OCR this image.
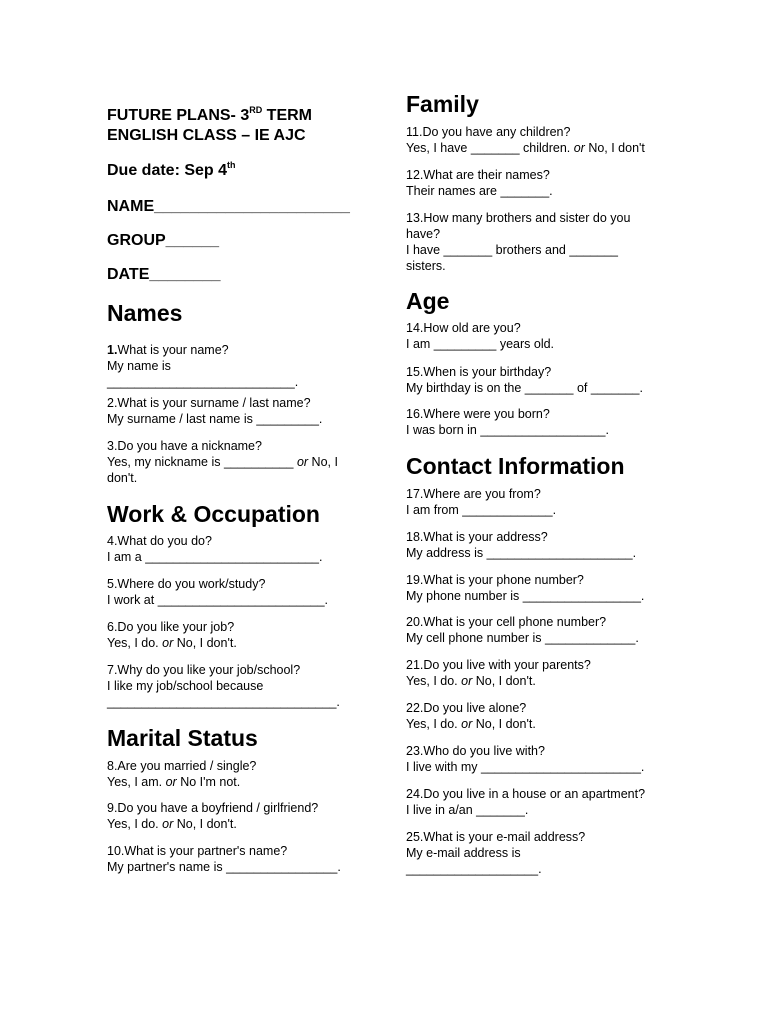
FUTURE PLANS- 3RD TERM
ENGLISH CLASS – IE AJC
Due date: Sep 4th
NAME______________________
GROUP______
DATE________
Names
1.What is your name?
My name is
___________________________.
2.What is your surname / last name?
My surname / last name is _________.
3.Do you have a nickname?
Yes, my nickname is __________ or No, I don't.
Work & Occupation
4.What do you do?
I am a _________________________.
5.Where do you work/study?
I work at ________________________.
6.Do you like your job?
Yes, I do. or No, I don't.
7.Why do you like your job/school?
I like my job/school because
_________________________________.
Marital Status
8.Are you married / single?
Yes, I am. or No I'm not.
9.Do you have a boyfriend / girlfriend?
Yes, I do. or No, I don't.
10.What is your partner's name?
My partner's name is ________________.
Family
11.Do you have any children?
Yes, I have _______ children. or No, I don't
12.What are their names?
Their names are _______.
13.How many brothers and sister do you have?
I have _______ brothers and _______ sisters.
Age
14.How old are you?
I am _________ years old.
15.When is your birthday?
My birthday is on the _______ of _______.
16.Where were you born?
I was born in __________________.
Contact Information
17.Where are you from?
I am from _____________.
18.What is your address?
My address is _____________________.
19.What is your phone number?
My phone number is _________________.
20.What is your cell phone number?
My cell phone number is _____________.
21.Do you live with your parents?
Yes, I do. or No, I don't.
22.Do you live alone?
Yes, I do. or No, I don't.
23.Who do you live with?
I live with my _______________________.
24.Do you live in a house or an apartment?
I live in a/an _______.
25.What is your e-mail address?
My e-mail address is
___________________.
